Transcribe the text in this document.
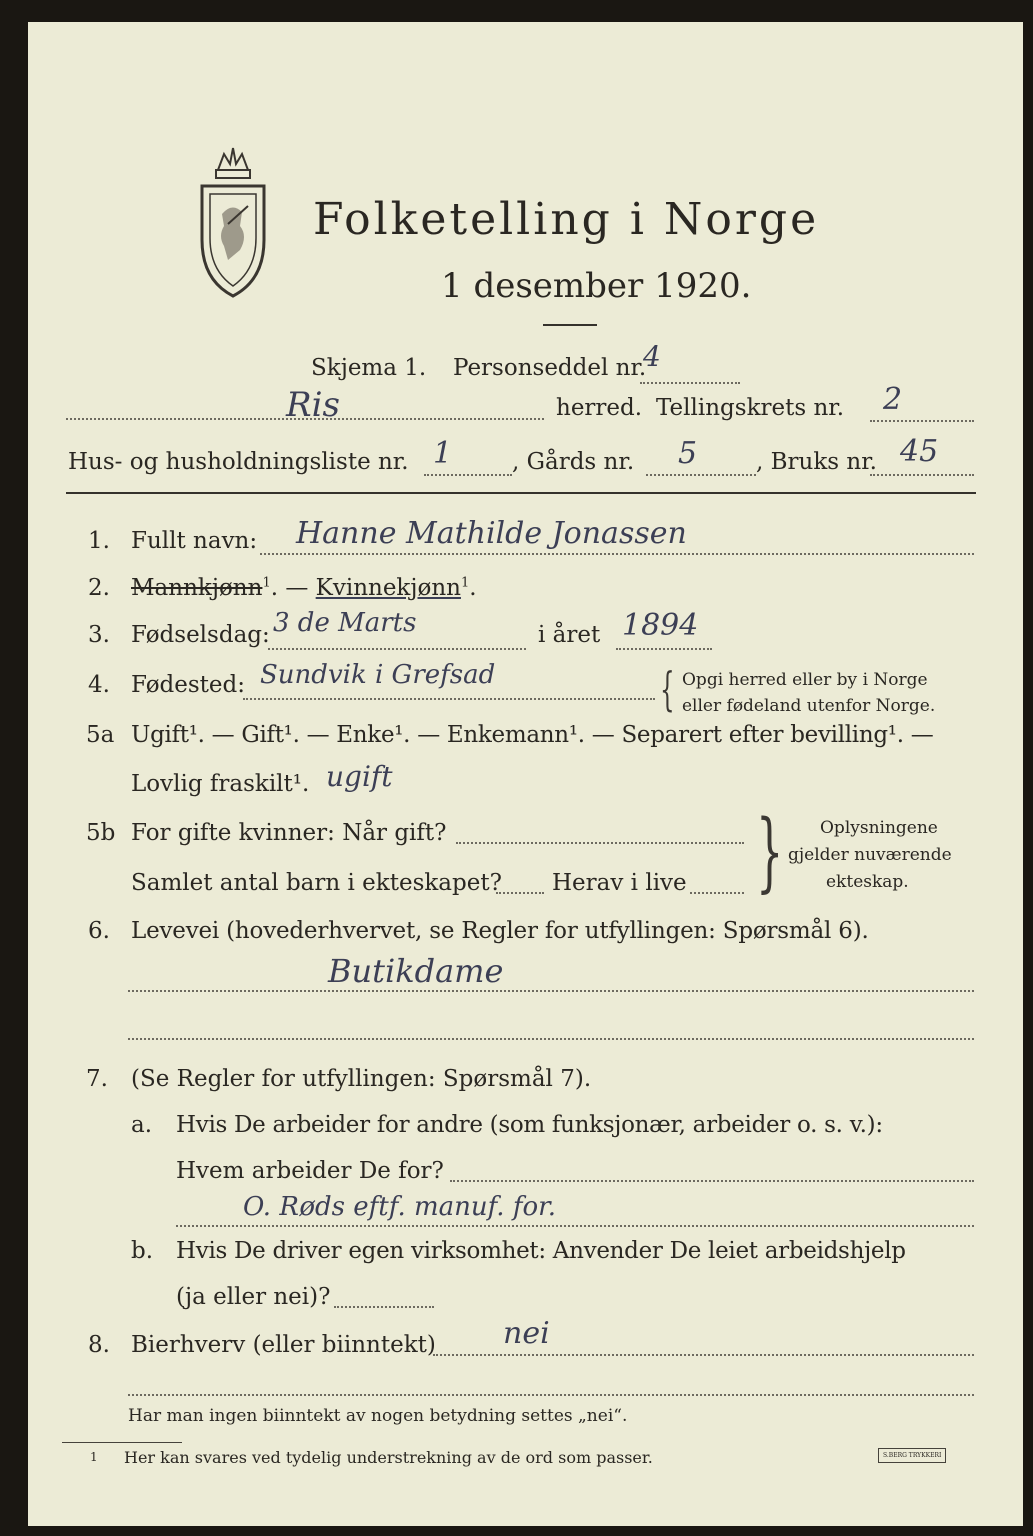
Folketelling i Norge
1 desember 1920.
Skjema 1. Personseddel nr.
4
Ris	herred. Tellingskrets nr. 2
Hus- og husholdningsliste nr. 1	, Gårds nr. 5	, Bruks nr. 45
1. Fullt navn: Hanne Mathilde Jonassen
2. Mannkjønn$^1$. — Kvinnekjønn$^1$.
3. Fødselsdag: 3 de Marts	i året 1894
4. Fødested: Sundvik i Grefsad	{ Opgi herred eller by i Norge
eller fødeland utenfor Norge.
5a Ugift¹. — Gift¹. — Enke¹. — Enkemann¹. — Separert efter bevilling¹. —
Lovlig fraskilt¹. ugift
5b For gifte kvinner: Når gift?
Samlet antal barn i ekteskapet? Herav i live } Oplysningene
gjelder nuværende
ekteskap.
6. Levevei (hovederhvervet, se Regler for utfyllingen: Spørsmål 6).
Butikdame
7. (Se Regler for utfyllingen: Spørsmål 7).
a. Hvis De arbeider for andre (som funksjonær, arbeider o. s. v.):
Hvem arbeider De for?
O. Røds eftf. manuf. for.
b. Hvis De driver egen virksomhet: Anvender De leiet arbeidshjelp
(ja eller nei)?
8. Bierhverv (eller biinntekt) nei
Har man ingen biinntekt av nogen betydning settes „nei“.
1 Her kan svares ved tydelig understrekning av de ord som passer.	S.BERG TRYKKERI
